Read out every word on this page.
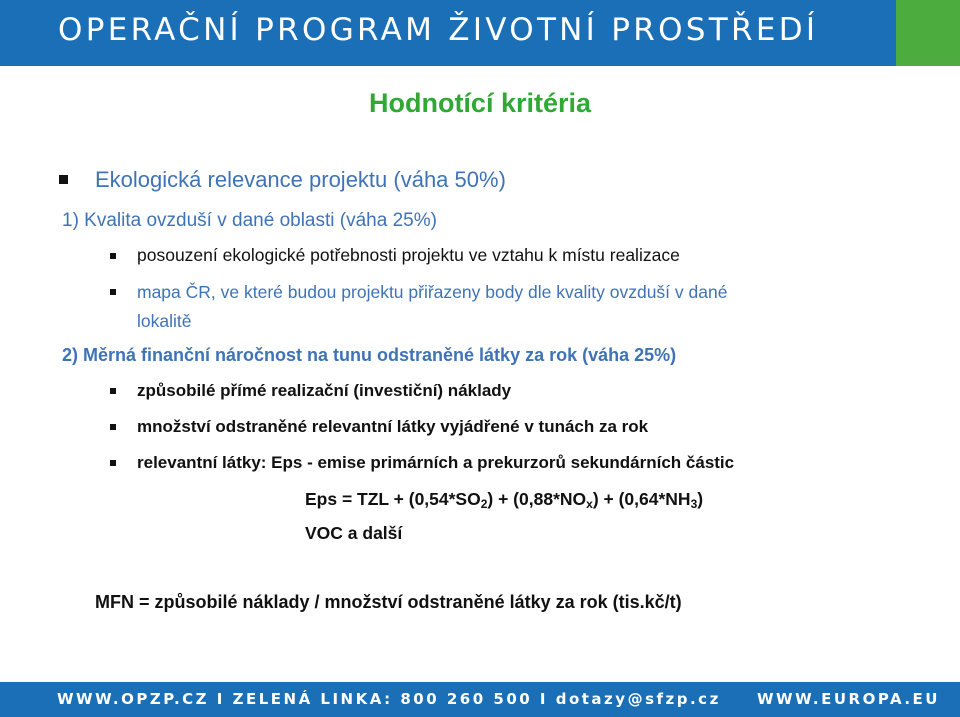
OPERAČNÍ PROGRAM ŽIVOTNÍ PROSTŘEDÍ
Hodnotící kritéria
Ekologická relevance projektu (váha 50%)
1) Kvalita ovzduší v dané oblasti (váha 25%)
posouzení ekologické potřebnosti projektu ve vztahu k místu realizace
mapa ČR, ve které budou projektu přiřazeny body dle kvality ovzduší v dané
lokalitě
2) Měrná finanční náročnost na tunu odstraněné látky za rok (váha 25%)
způsobilé přímé realizační (investiční) náklady
množství odstraněné relevantní látky vyjádřené v tunách za rok
relevantní látky: Eps - emise primárních a prekurzorů sekundárních částic
Eps = TZL + $(0,54*SO_2) + (0,88*NO_x) + (0,64*NH_3)$
VOC a další
MFN = způsobilé náklady / množství odstraněné látky za rok (tis.kč/t)
WWW.OPZP.CZ I ZELENÁ LINKA: 800 260 500 I dotazy@sfzp.cz WWW.EUROPA.EU
